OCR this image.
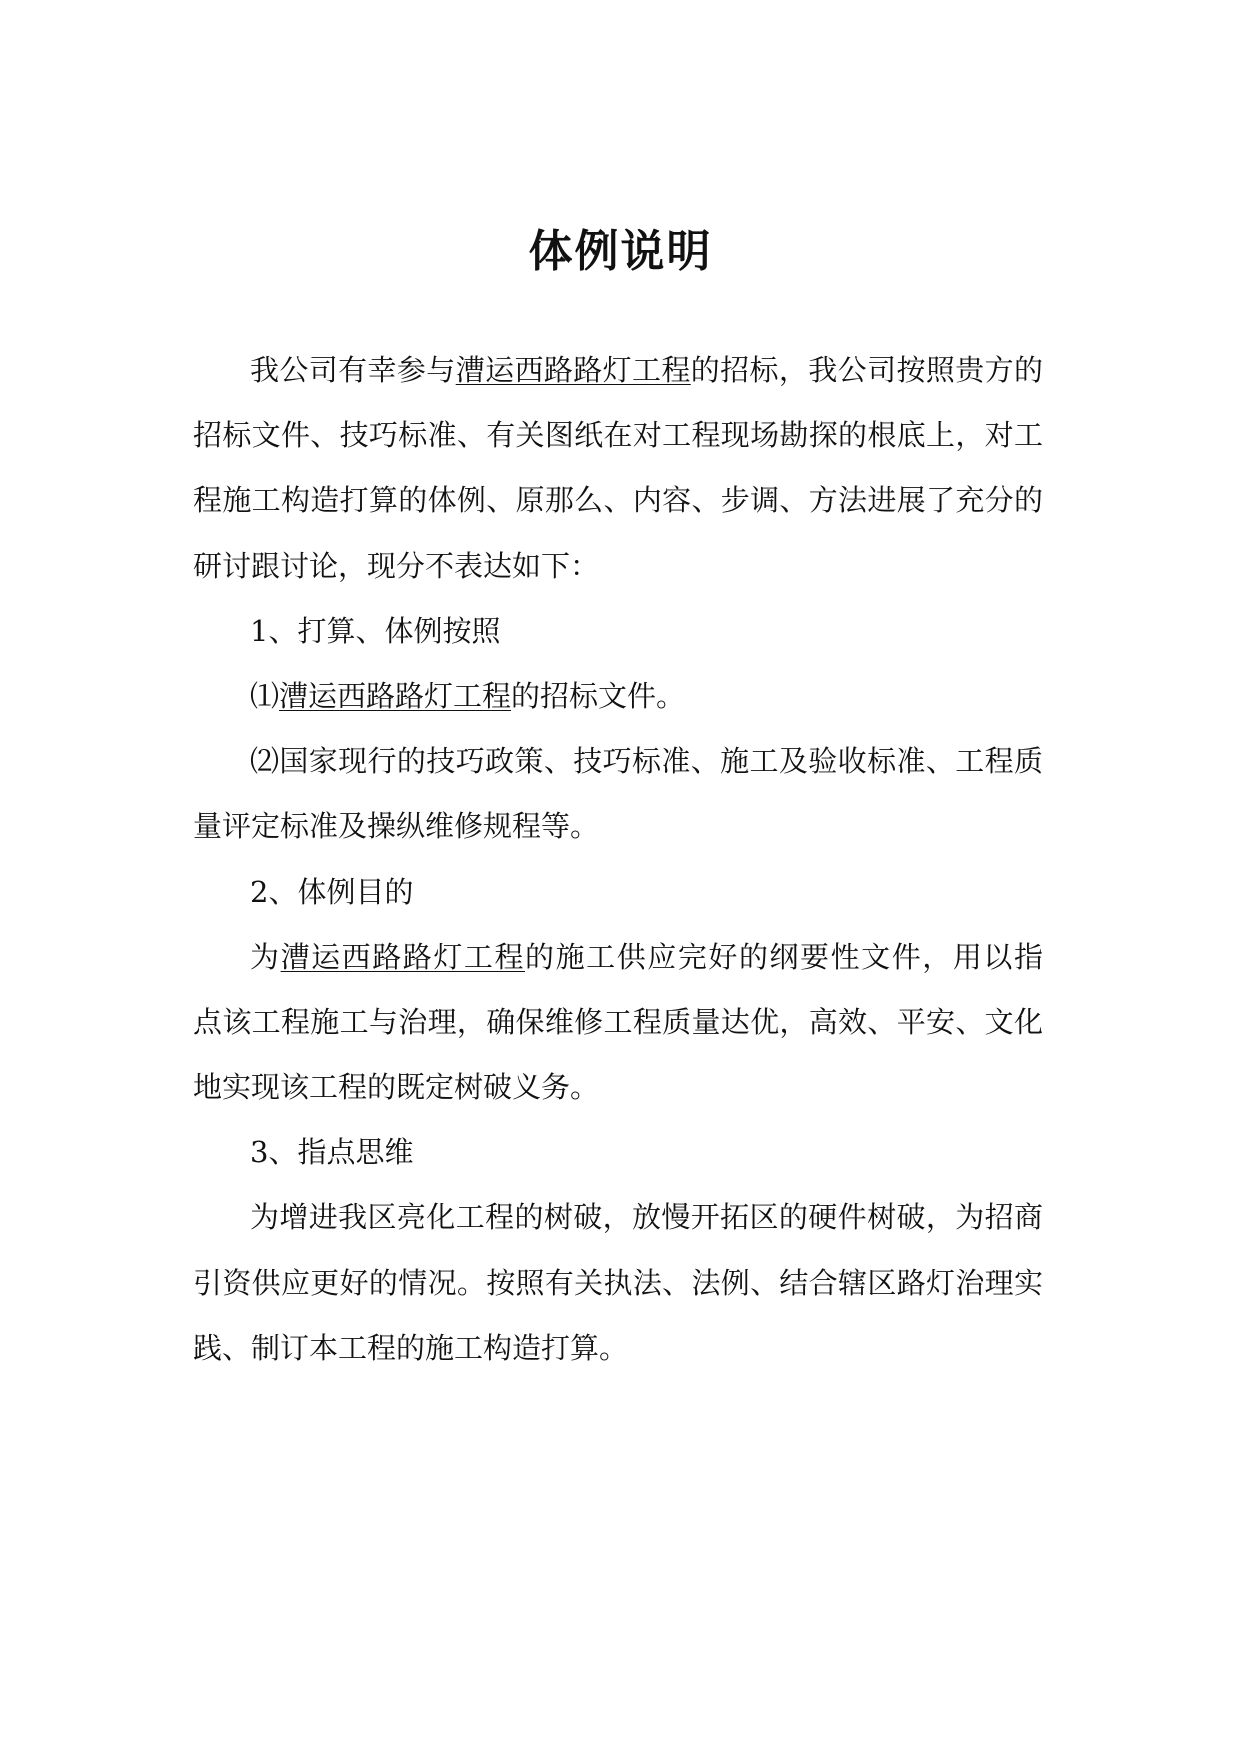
体例说明
我公司有幸参与漕运西路路灯工程的招标，我公司按照贵方的
招标文件、技巧标准、有关图纸在对工程现场勘探的根底上，对工
程施工构造打算的体例、原那么、内容、步调、方法进展了充分的
研讨跟讨论，现分不表达如下：
1、打算、体例按照
⑴漕运西路路灯工程的招标文件。
⑵国家现行的技巧政策、技巧标准、施工及验收标准、工程质
量评定标准及操纵维修规程等。
2、体例目的
为漕运西路路灯工程的施工供应完好的纲要性文件，用以指
点该工程施工与治理，确保维修工程质量达优，高效、平安、文化
地实现该工程的既定树破义务。
3、指点思维
为增进我区亮化工程的树破，放慢开拓区的硬件树破，为招商
引资供应更好的情况。按照有关执法、法例、结合辖区路灯治理实
践、制订本工程的施工构造打算。
